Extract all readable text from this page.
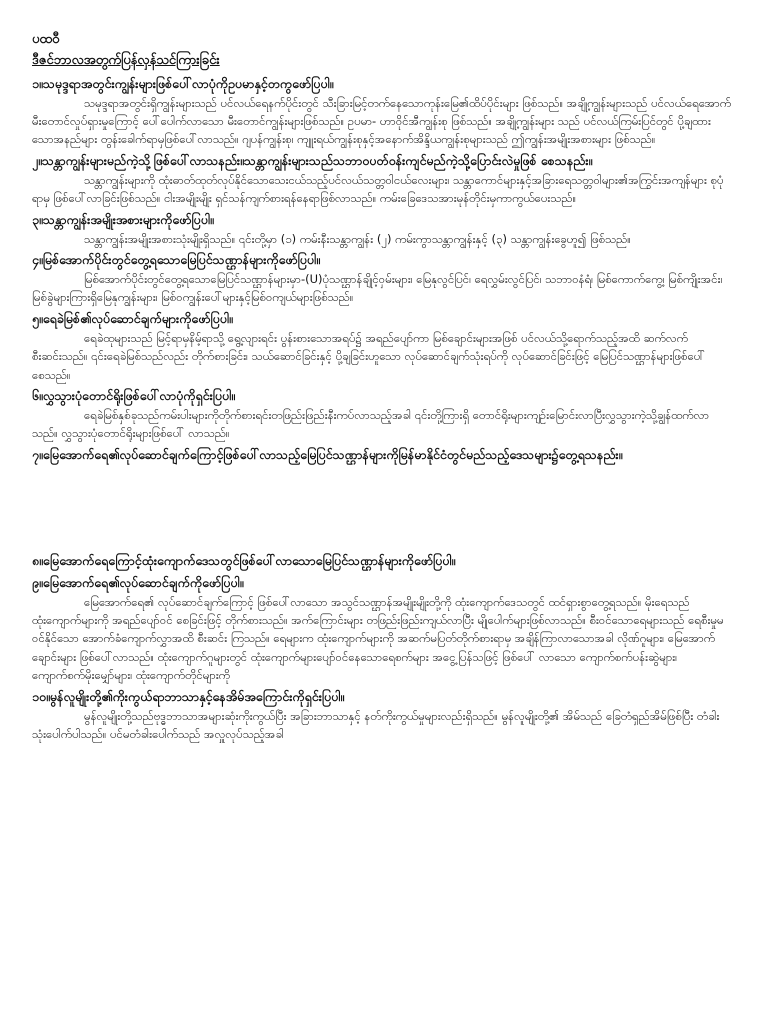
ပထဝီ

ဒီဇင်ဘာလအတွက်ပြန်လှန်သင်ကြားခြင်း

၁။သမုဒ္ဒရာအတွင်းကျွန်းများဖြစ်ပေါ်လာပုံကိုဥပမာနှင့်တကွဖော်ပြပါ။

သမုဒ္ဒရာအတွင်းရှိကျွန်းများသည် ပင်လယ်ရေနက်ပိုင်းတွင် သီးခြားမြင့်တက်နေသောကုန်းမြေ၏ထိပ်ပိုင်းများ ဖြစ်သည်။ အချို့ကျွန်းများသည် ပင်လယ်ရေအောက် မီးတောင်လှုပ်ရှားမှုကြောင့် ပေါ်ပေါက်လာသော မီးတောင်ကျွန်းများဖြစ်သည်။ ဥပမာ- ဟာဝိုင်အီကျွန်းစု ဖြစ်သည်။ အချို့ကျွန်းများ သည် ပင်လယ်ကြမ်းပြင်တွင် ပို့ချထားသောအနည်များ တွန်းခေါက်ရာမှဖြစ်ပေါ်လာသည်။ ဂျပန်ကျွန်းစု၊ ကျူးရယ်ကျွန်းစုနှင့်အနောက်အိန္ဒိယကျွန်းစုများသည် ဤကျွန်းအမျိုးအစားများ ဖြစ်သည်။

၂။သန္တာကျွန်းများမည်ကဲ့သို့ဖြစ်ပေါ်လာသနည်း။သန္တာကျွန်းများသည်သဘာဝပတ်ဝန်းကျင်မည်ကဲ့သို့ပြောင်းလဲမှုဖြစ် စေသနည်း။

သန္တာကျွန်းများကို ထုံးဓာတ်ထုတ်လုပ်နိုင်သောသေးငယ်သည့်ပင်လယ်သတ္တဝါငယ်လေးများ၊ သန္တာကောင်များနှင့်အခြားရေသတ္တဝါများ၏အကြွင်းအကျန်များ စုပုံရာမှ ဖြစ်ပေါ်လာခြင်းဖြစ်သည်။ ငါးအမျိုးမျိုး ရှင်သန်ကျက်စားရန်နေရာဖြစ်လာသည်။ ကမ်းခြေဒေသအားမုန်တိုင်းမှကာကွယ်ပေးသည်။

၃။သန္တာကျွန်းအမျိုးအစားများကိုဖော်ပြပါ။

သန္တာကျွန်းအမျိုးအစားသုံးမျိုးရှိသည်။ ၎င်းတို့မှာ (၁) ကမ်းနီးသန္တာကျွန်း (၂) ကမ်းကွာသန္တာကျွန်းနှင့် (၃) သန္တာကျွန်းခွေဟူ၍ ဖြစ်သည်။

၄။မြစ်အောက်ပိုင်းတွင်တွေ့ရသောမြေပြင်သဏ္ဌာန်များကိုဖော်ပြပါ။

မြစ်အောက်ပိုင်းတွင်တွေ့ရသောမြေပြင်သဏ္ဌာန်များမှာ-(U)ပုံသဏ္ဌာန်ချိုင့်ဝှမ်းများ၊ မြေနုလွင်ပြင်၊ ရေလွှမ်းလွင်ပြင်၊ သဘာဝနံရံ၊ မြစ်ကောက်ကွေ့၊ မြစ်ကျိုးအင်း၊ မြစ်ခွဲများကြားရှိမြေနုကျွန်းများ၊ မြစ်ဝကျွန်းပေါ်များနှင့်မြစ်ဝကျယ်များဖြစ်သည်။

၅။ရေခဲမြစ်၏လုပ်ဆောင်ချက်များကိုဖော်ပြပါ။

ရေခဲထုများသည် မြင့်ရာမှနိမ့်ရာသို့ ရွေ့လျားရင်း ပွန်းစားသောအရပ်၌ အရည်ပျော်ကာ မြစ်ချောင်းများအဖြစ် ပင်လယ်သို့ရောက်သည့်အထိ ဆက်လက်စီးဆင်းသည်။ ၎င်းရေခဲမြစ်သည်လည်း တိုက်စားခြင်း၊ သယ်ဆောင်ခြင်းနှင့် ပို့ချခြင်းဟူသော လုပ်ဆောင်ချက်သုံးရပ်ကို လုပ်ဆောင်ခြင်းဖြင့် မြေပြင်သဏ္ဌာန်များဖြစ်ပေါ်စေသည်။

၆။လွှသွားပုံတောင်ရိုးဖြစ်ပေါ်လာပုံကိုရှင်းပြပါ။

ရေခဲမြစ်နှစ်ခုသည်ကမ်းပါးများကိုတိုက်စားရင်းတဖြည်းဖြည်းနီးကပ်လာသည့်အခါ ၎င်းတို့ကြားရှိ တောင်ရိုးများကျဉ်းမြောင်းလာပြီးလွှသွားကဲ့သို့ချွန်ထက်လာသည်။ လွှသွားပုံတောင်ရိုးများဖြစ်ပေါ် လာသည်။

၇။မြေအောက်ရေ၏လုပ်ဆောင်ချက်ကြောင့်ဖြစ်ပေါ်လာသည့်မြေပြင်သဏ္ဌာန်များကိုမြန်မာနိုင်ငံတွင်မည်သည့်ဒေသများ၌တွေ့ရသနည်း။

၈။မြေအောက်ရေကြောင့်ထုံးကျောက်ဒေသတွင်ဖြစ်ပေါ်လာသောမြေပြင်သဏ္ဌာန်များကိုဖော်ပြပါ။

၉။မြေအောက်ရေ၏လုပ်ဆောင်ချက်ကိုဖော်ပြပါ။

မြေအောက်ရေ၏ လုပ်ဆောင်ချက်ကြောင့် ဖြစ်ပေါ်လာသော အသွင်သဏ္ဌာန်အမျိုးမျိုးတို့ကို ထုံးကျောက်ဒေသတွင် ထင်ရှားစွာတွေ့ရသည်။ မိုးရေသည် ထုံးကျောက်များကို အရည်ပျော်ဝင် စေခြင်းဖြင့် တိုက်စားသည်။ အက်ကြောင်းများ တဖြည်းဖြည်းကျယ်လာပြီး မျိုပေါက်များဖြစ်လာသည်။ စီးဝင်သောရေများသည် ရေစီးမှုမဝင်နိုင်သော အောက်ခံကျောက်လွှာအထိ စီးဆင်း ကြသည်။ ရေများက ထုံးကျောက်များကို အဆက်မပြတ်တိုက်စားရာမှ အချိန်ကြာလာသောအခါ လိုဏ်ဂူများ၊ မြေအောက်ချောင်းများ ဖြစ်ပေါ်လာသည်။ ထုံးကျောက်ဂူများတွင် ထုံးကျောက်များပျော်ဝင်နေသောရေစက်များ အငွေ့ပြန်သဖြင့် ဖြစ်ပေါ် လာသော ကျောက်စက်ပန်းဆွဲများ၊ ကျောက်စက်မိုးမျှော်များ၊ ထုံးကျောက်တိုင်များကို

၁၀။မွန်လူမျိုးတို့၏ကိုးကွယ်ရာဘာသာနှင့်နေအိမ်အကြောင်းကိုရှင်းပြပါ။

မွန်လူမျိုးတို့သည်ဗုဒ္ဓဘာသာအများဆုံးကိုးကွယ်ပြီး အခြားဘာသာနှင့် နတ်ကိုးကွယ်မှုများလည်းရှိသည်။ မွန်လူမျိုးတို့၏ အိမ်သည် ခြေတံရှည်အိမ်ဖြစ်ပြီး တံခါး သုံးပေါက်ပါသည်။ ပင်မတံခါးပေါက်သည် အလှူလုပ်သည့်အခါ
